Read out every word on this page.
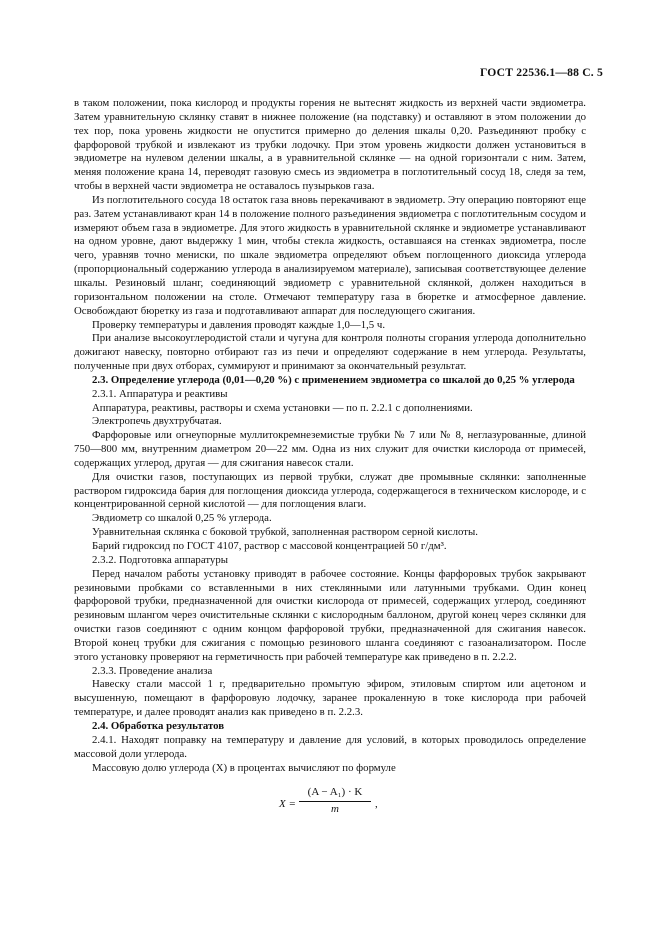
ГОСТ 22536.1—88 С. 5

в таком положении, пока кислород и продукты горения не вытеснят жидкость из верхней части эвдиометра. Затем уравнительную склянку ставят в нижнее положение (на подставку) и оставляют в этом положении до тех пор, пока уровень жидкости не опустится примерно до деления шкалы 0,20. Разъединяют пробку с фарфоровой трубкой и извлекают из трубки лодочку. При этом уровень жидкости должен установиться в эвдиометре на нулевом делении шкалы, а в уравнительной склянке — на одной горизонтали с ним. Затем, меняя положение крана 14, переводят газовую смесь из эвдиометра в поглотительный сосуд 18, следя за тем, чтобы в верхней части эвдиометра не оставалось пузырьков газа.

Из поглотительного сосуда 18 остаток газа вновь перекачивают в эвдиометр. Эту операцию повторяют еще раз. Затем устанавливают кран 14 в положение полного разъединения эвдиометра с поглотительным сосудом и измеряют объем газа в эвдиометре. Для этого жидкость в уравнительной склянке и эвдиометре устанавливают на одном уровне, дают выдержку 1 мин, чтобы стекла жидкость, оставшаяся на стенках эвдиометра, после чего, уравняв точно мениски, по шкале эвдиометра определяют объем поглощенного диоксида углерода (пропорциональный содержанию углерода в анализируемом материале), записывая соответствующее деление шкалы. Резиновый шланг, соединяющий эвдиометр с уравнительной склянкой, должен находиться в горизонтальном положении на столе. Отмечают температуру газа в бюретке и атмосферное давление. Освобождают бюретку из газа и подготавливают аппарат для последующего сжигания.

Проверку температуры и давления проводят каждые 1,0—1,5 ч.

При анализе высокоуглеродистой стали и чугуна для контроля полноты сгорания углерода дополнительно дожигают навеску, повторно отбирают газ из печи и определяют содержание в нем углерода. Результаты, полученные при двух отборах, суммируют и принимают за окончательный результат.

2.3. Определение углерода (0,01—0,20 %) с применением эвдиометра со шкалой до 0,25 % углерода

2.3.1. Аппаратура и реактивы

Аппаратура, реактивы, растворы и схема установки — по п. 2.2.1 с дополнениями.

Электропечь двухтрубчатая.

Фарфоровые или огнеупорные муллитокремнеземистые трубки № 7 или № 8, неглазурованные, длиной 750—800 мм, внутренним диаметром 20—22 мм. Одна из них служит для очистки кислорода от примесей, содержащих углерод, другая — для сжигания навесок стали.

Для очистки газов, поступающих из первой трубки, служат две промывные склянки: заполненные раствором гидроксида бария для поглощения диоксида углерода, содержащегося в техническом кислороде, и с концентрированной серной кислотой — для поглощения влаги.

Эвдиометр со шкалой 0,25 % углерода.

Уравнительная склянка с боковой трубкой, заполненная раствором серной кислоты.

Барий гидроксид по ГОСТ 4107, раствор с массовой концентрацией 50 г/дм³.

2.3.2. Подготовка аппаратуры

Перед началом работы установку приводят в рабочее состояние. Концы фарфоровых трубок закрывают резиновыми пробками со вставленными в них стеклянными или латунными трубками. Один конец фарфоровой трубки, предназначенной для очистки кислорода от примесей, содержащих углерод, соединяют резиновым шлангом через очистительные склянки с кислородным баллоном, другой конец через склянки для очистки газов соединяют с одним концом фарфоровой трубки, предназначенной для сжигания навесок. Второй конец трубки для сжигания с помощью резинового шланга соединяют с газоанализатором. После этого установку проверяют на герметичность при рабочей температуре как приведено в п. 2.2.2.

2.3.3. Проведение анализа

Навеску стали массой 1 г, предварительно промытую эфиром, этиловым спиртом или ацетоном и высушенную, помещают в фарфоровую лодочку, заранее прокаленную в токе кислорода при рабочей температуре, и далее проводят анализ как приведено в п. 2.2.3.

2.4. Обработка результатов

2.4.1. Находят поправку на температуру и давление для условий, в которых проводилось определение массовой доли углерода.

Массовую долю углерода (X) в процентах вычисляют по формуле

$X = \frac{\text{(A − A₁) · K}}{m}$ ,
